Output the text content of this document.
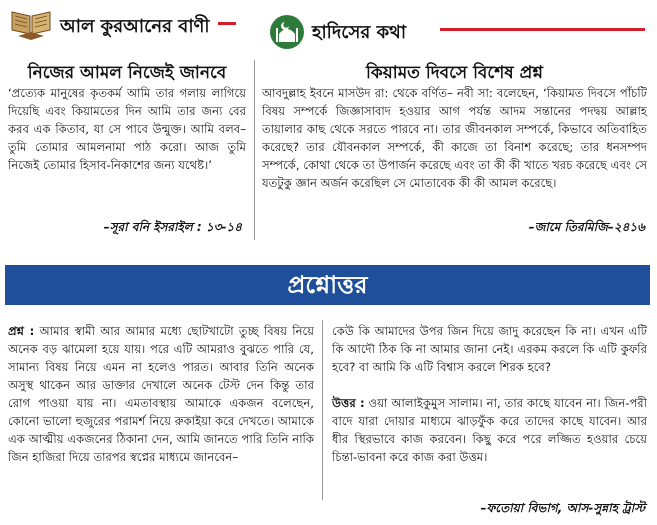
আল কুরআনের বাণী
নিজের আমল নিজেই জানবে
‘প্রত্যেক মানুষের কৃতকর্ম আমি তার গলায় লাগিয়ে দিয়েছি এবং কিয়ামতের দিন আমি তার জন্য বের করব এক কিতাব, যা সে পাবে উন্মুক্ত। আমি বলব– তুমি তোমার আমলনামা পাঠ করো। আজ তুমি নিজেই তোমার হিসাব-নিকাশের জন্য যথেষ্ট।’
–সূরা বনি ইসরাইল : ১৩-১৪
হাদিসের কথা
কিয়ামত দিবসে বিশেষ প্রশ্ন
আবদুল্লাহ ইবনে মাসউদ রা: থেকে বর্ণিত– নবী সা: বলেছেন, ‘কিয়ামত দিবসে পাঁচটি বিষয় সম্পর্কে জিজ্ঞাসাবাদ হওয়ার আগ পর্যন্ত আদম সন্তানের পদদ্বয় আল্লাহ তায়ালার কাছ থেকে সরতে পারবে না। তার জীবনকাল সম্পর্কে, কিভাবে অতিবাহিত করেছে? তার যৌবনকাল সম্পর্কে, কী কাজে তা বিনাশ করেছে; তার ধনসম্পদ সম্পর্কে, কোথা থেকে তা উপার্জন করেছে এবং তা কী কী খাতে খরচ করেছে এবং সে যতটুকু জ্ঞান অর্জন করেছিল সে মোতাবেক কী কী আমল করেছে।
–জামে তিরমিজি–২৪১৬
প্রশ্নোত্তর
প্রশ্ন : আমার স্বামী আর আমার মধ্যে ছোটখাটো তুচ্ছ বিষয় নিয়ে অনেক বড় ঝামেলা হয়ে যায়। পরে এটি আমরাও বুঝতে পারি যে, সামান্য বিষয় নিয়ে এমন না হলেও পারত। আবার তিনি অনেক অসুস্থ থাকেন আর ডাক্তার দেখালে অনেক টেস্ট দেন কিন্তু তার রোগ পাওয়া যায় না। এমতাবস্থায় আমাকে একজন বলেছেন, কোনো ভালো হুজুরের পরামর্শ নিয়ে রুকাইয়া করে দেখতে। আমাকে এক আত্মীয় একজনের ঠিকানা দেন, আমি জানতে পারি তিনি নাকি জিন হাজিরা দিয়ে তারপর স্বপ্নের মাধ্যমে জানবেন–
কেউ কি আমাদের উপর জিন দিয়ে জাদু করেছেন কি না। এখন এটি কি আদৌ ঠিক কি না আমার জানা নেই। এরকম করলে কি এটি কুফরি হবে? বা আমি কি এটি বিশ্বাস করলে শিরক হবে?
উত্তর : ওয়া আলাইকুমুস সালাম। না, তার কাছে যাবেন না। জিন-পরী বাদে যারা দোয়ার মাধ্যমে ঝাড়ফুঁক করে তাদের কাছে যাবেন। আর ধীর স্থিরভাবে কাজ করবেন। কিছু করে পরে লজ্জিত হওয়ার চেয়ে চিন্তা-ভাবনা করে কাজ করা উত্তম।
–ফতোয়া বিভাগ, আস-সুন্নাহ ট্রাস্ট
